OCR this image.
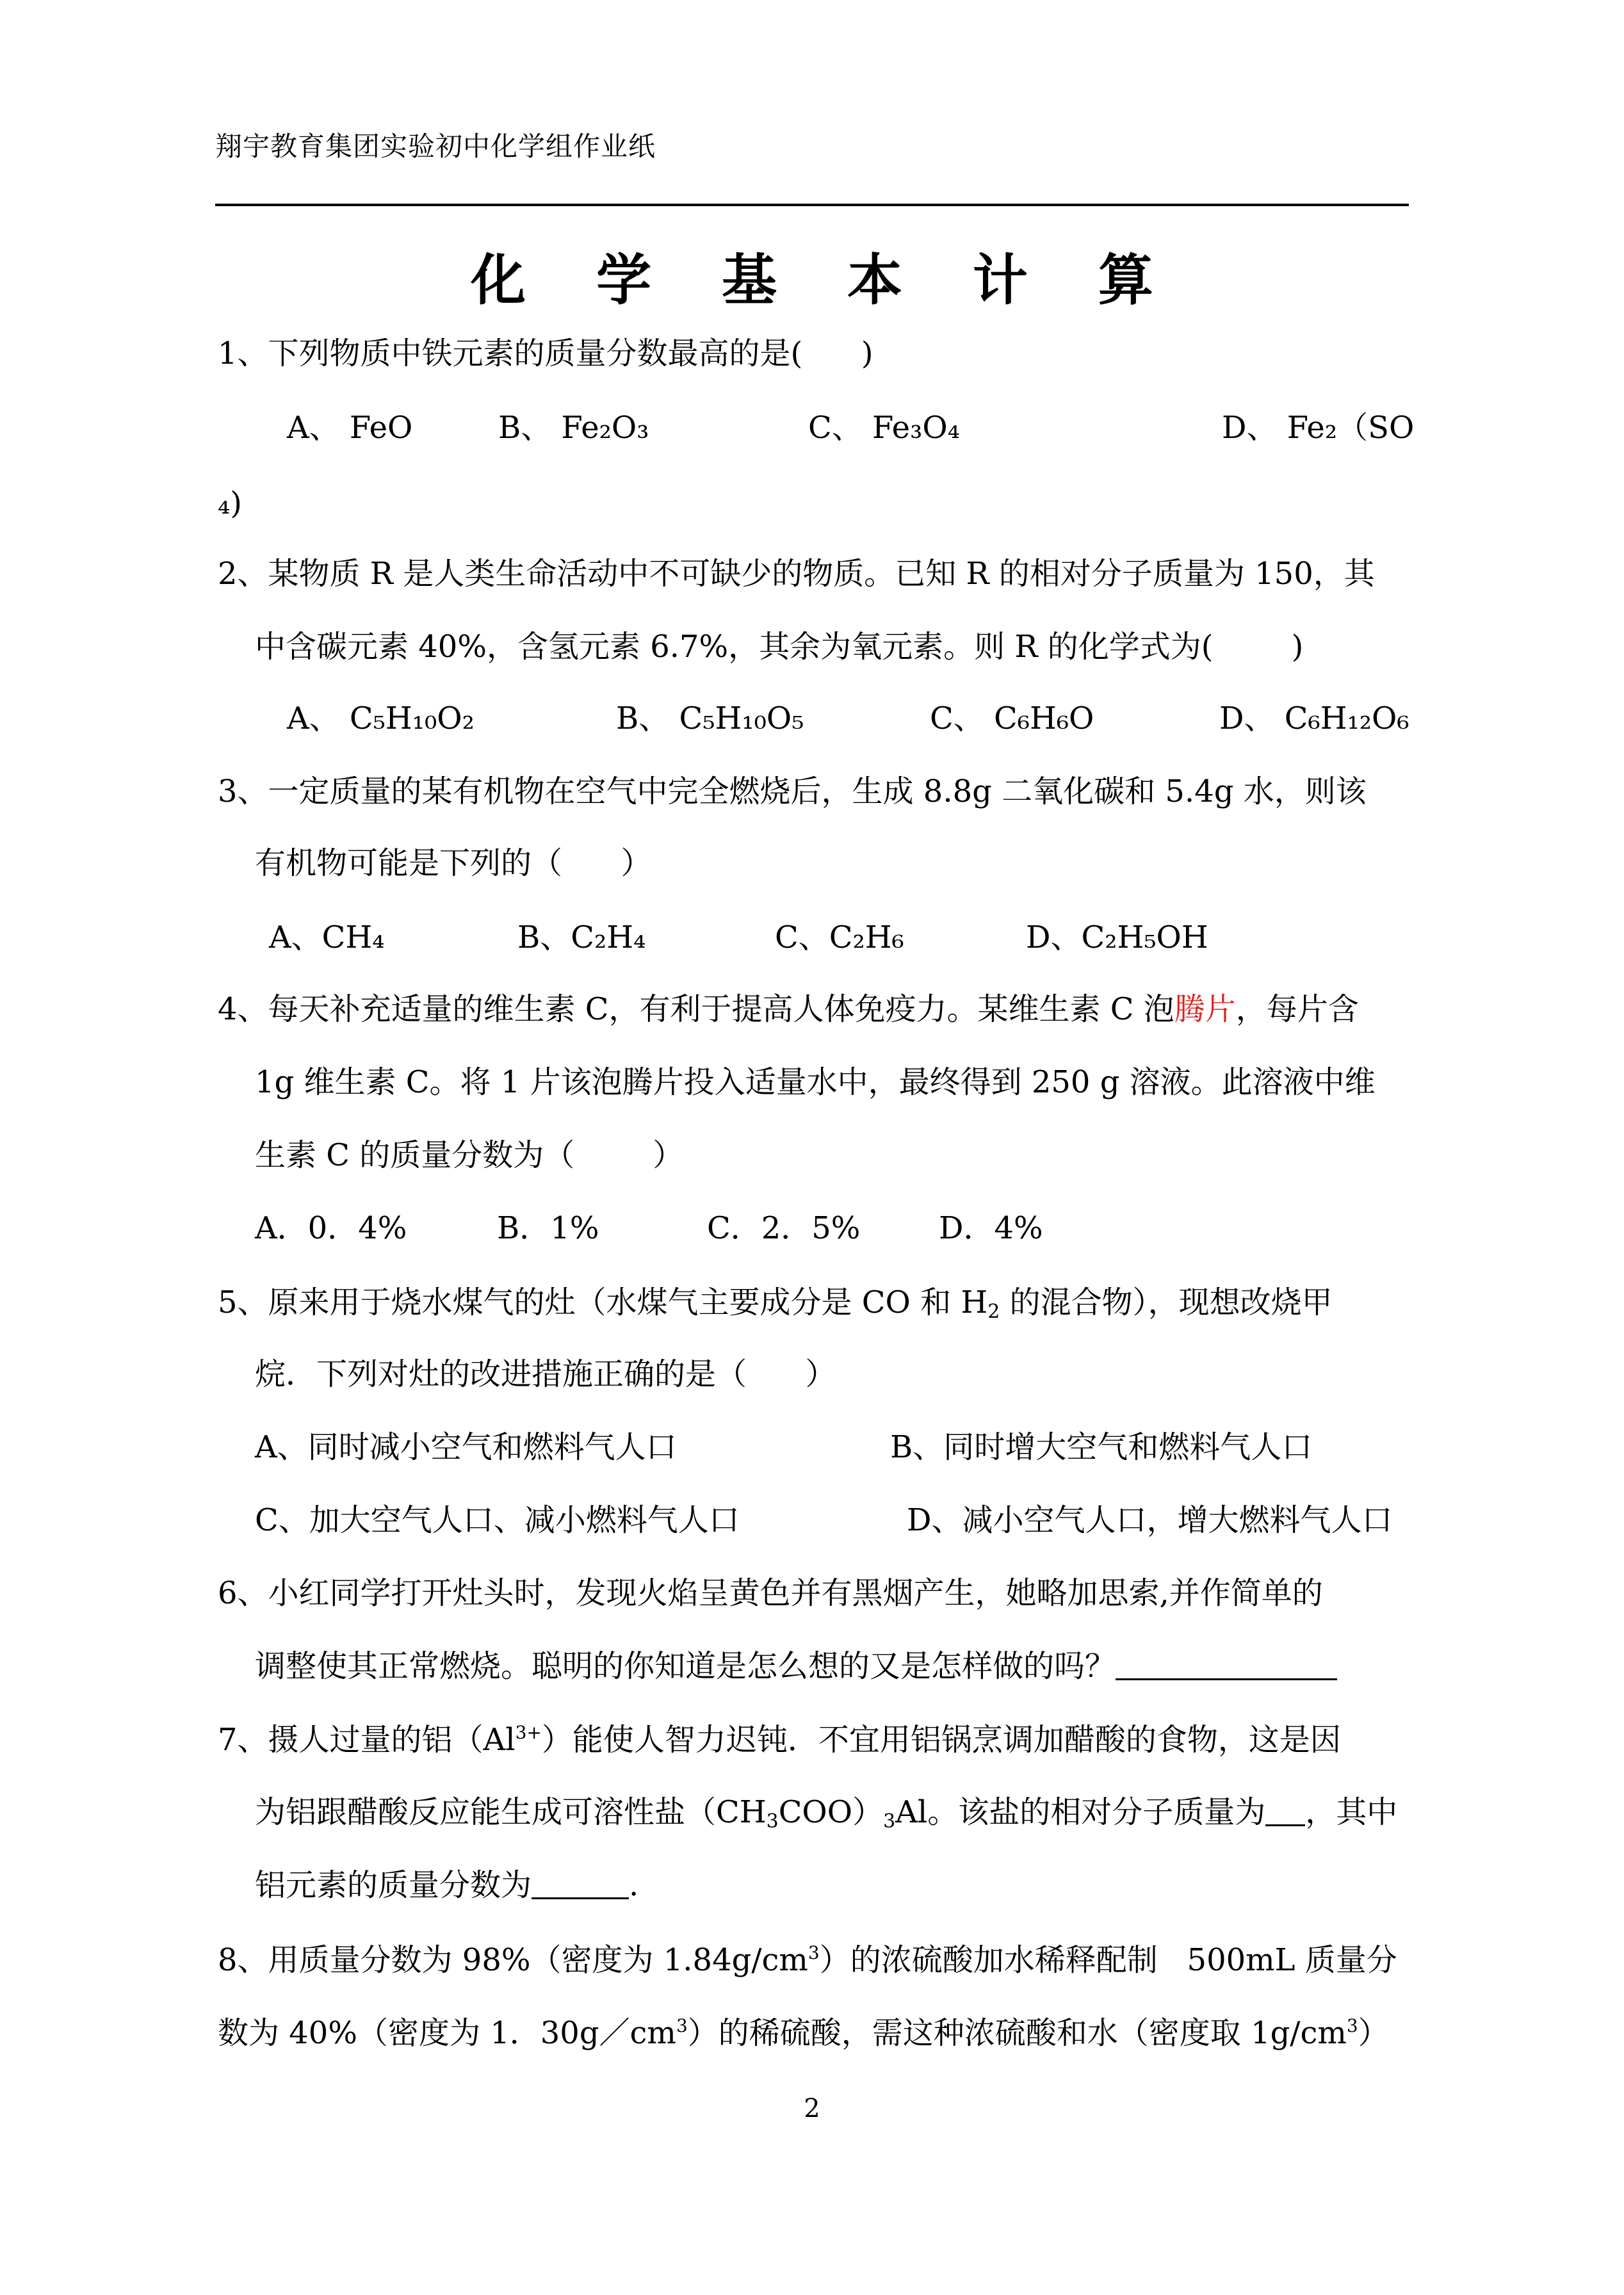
翔宇教育集团实验初中化学组作业纸
化 学 基 本 计 算
1、下列物质中铁元素的质量分数最高的是(      )
A、 FeO	B、 Fe₂O₃	C、 Fe₃O₄	D、 Fe₂（SO
₄)
2、某物质 R 是人类生命活动中不可缺少的物质。已知 R 的相对分子质量为 150，其
中含碳元素 40%，含氢元素 6.7%，其余为氧元素。则 R 的化学式为(        )
A、 C₅H₁₀O₂	B、 C₅H₁₀O₅	C、 C₆H₆O	D、 C₆H₁₂O₆
3、一定质量的某有机物在空气中完全燃烧后，生成 8.8g 二氧化碳和 5.4g 水，则该
有机物可能是下列的（      ）
A、CH₄	B、C₂H₄	C、C₂H₆	D、C₂H₅OH
4、每天补充适量的维生素 C，有利于提高人体免疫力。某维生素 C 泡腾片，每片含
1g 维生素 C。将 1 片该泡腾片投入适量水中，最终得到 250 g 溶液。此溶液中维
生素 C 的质量分数为（        ）
A．0．4%	B．1%	C．2．5%	D．4%
5、原来用于烧水煤气的灶（水煤气主要成分是 CO 和 $H_2$ 的混合物），现想改烧甲
烷．下列对灶的改进措施正确的是（      ）
A、同时减小空气和燃料气人口	B、同时增大空气和燃料气人口
C、加大空气人口、减小燃料气人口	D、减小空气人口，增大燃料气人口
6、小红同学打开灶头时，发现火焰呈黄色并有黑烟产生，她略加思索,并作简单的
调整使其正常燃烧。聪明的你知道是怎么想的又是怎样做的吗？
7、摄人过量的铝$(Al^{3+})$能使人智力迟钝．不宜用铝锅烹调加醋酸的食物，这是因
为铝跟醋酸反应能生成可溶性盐$(CH_3COO)_3Al$。该盐的相对分子质量为 ，其中
铝元素的质量分数为	.
8、用质量分数为 98%（密度为 $1.84g/cm^3$）的浓硫酸加水稀释配制   500mL 质量分
数为 40%（密度为 1．$30g/cm^3$）的稀硫酸，需这种浓硫酸和水（密度取 $1g/cm^3$）
2
